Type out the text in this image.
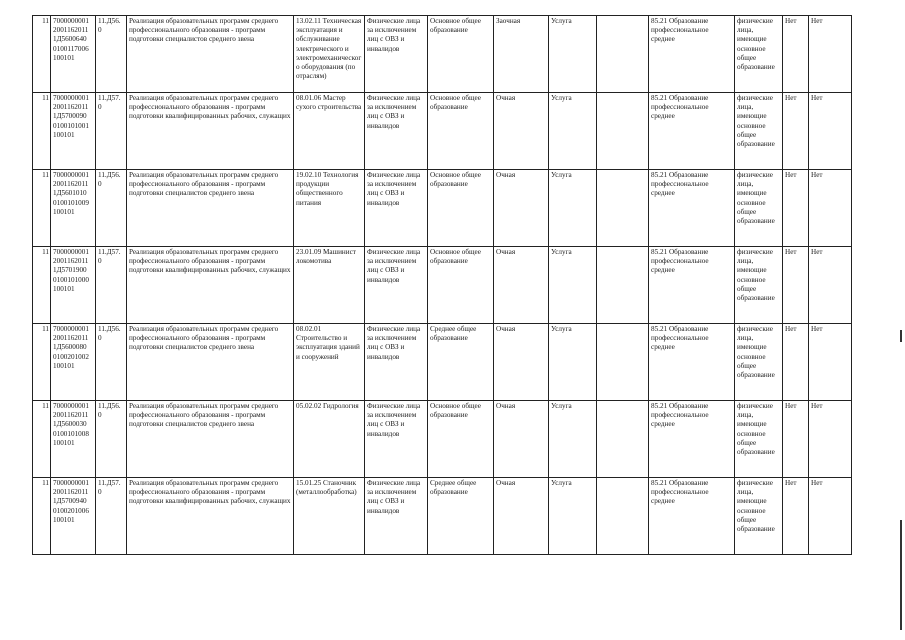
11	7000000001 2001162011 1Д5600640 0100117006 100101	11.Д56.0	Реализация образовательных программ среднего профессионального образования - программ подготовки специалистов среднего звена	13.02.11 Техническая эксплуатация и обслуживание электрического и электромеханического оборудования (по отраслям)	Физические лица за исключением лиц с ОВЗ и инвалидов	Основное общее образование	Заочная	Услуга		85.21 Образование профессиональное среднее	физические лица, имеющие основное общее образование	Нет	Нет
11	7000000001 2001162011 1Д5700090 0100101001 100101	11.Д57.0	Реализация образовательных программ среднего профессионального образования - программ подготовки квалифицированных рабочих, служащих	08.01.06 Мастер сухого строительства	Физические лица за исключением лиц с ОВЗ и инвалидов	Основное общее образование	Очная	Услуга		85.21 Образование профессиональное среднее	физические лица, имеющие основное общее образование	Нет	Нет
11	7000000001 2001162011 1Д5601010 0100101009 100101	11.Д56.0	Реализация образовательных программ среднего профессионального образования - программ подготовки специалистов среднего звена	19.02.10 Технология продукции общественного питания	Физические лица за исключением лиц с ОВЗ и инвалидов	Основное общее образование	Очная	Услуга		85.21 Образование профессиональное среднее	физические лица, имеющие основное общее образование	Нет	Нет
11	7000000001 2001162011 1Д5701900 0100101000 100101	11.Д57.0	Реализация образовательных программ среднего профессионального образования - программ подготовки квалифицированных рабочих, служащих	23.01.09 Машинист локомотива	Физические лица за исключением лиц с ОВЗ и инвалидов	Основное общее образование	Очная	Услуга		85.21 Образование профессиональное среднее	физические лица, имеющие основное общее образование	Нет	Нет
11	7000000001 2001162011 1Д5600080 0100201002 100101	11.Д56.0	Реализация образовательных программ среднего профессионального образования - программ подготовки специалистов среднего звена	08.02.01 Строительство и эксплуатация зданий и сооружений	Физические лица за исключением лиц с ОВЗ и инвалидов	Среднее общее образование	Очная	Услуга		85.21 Образование профессиональное среднее	физические лица, имеющие основное общее образование	Нет	Нет
11	7000000001 2001162011 1Д5600030 0100101008 100101	11.Д56.0	Реализация образовательных программ среднего профессионального образования - программ подготовки специалистов среднего звена	05.02.02 Гидрология	Физические лица за исключением лиц с ОВЗ и инвалидов	Основное общее образование	Очная	Услуга		85.21 Образование профессиональное среднее	физические лица, имеющие основное общее образование	Нет	Нет
11	7000000001 2001162011 1Д5700940 0100201006 100101	11.Д57.0	Реализация образовательных программ среднего профессионального образования - программ подготовки квалифицированных рабочих, служащих	15.01.25 Станочник (металлообработка)	Физические лица за исключением лиц с ОВЗ и инвалидов	Среднее общее образование	Очная	Услуга		85.21 Образование профессиональное среднее	физические лица, имеющие основное общее образование	Нет	Нет
